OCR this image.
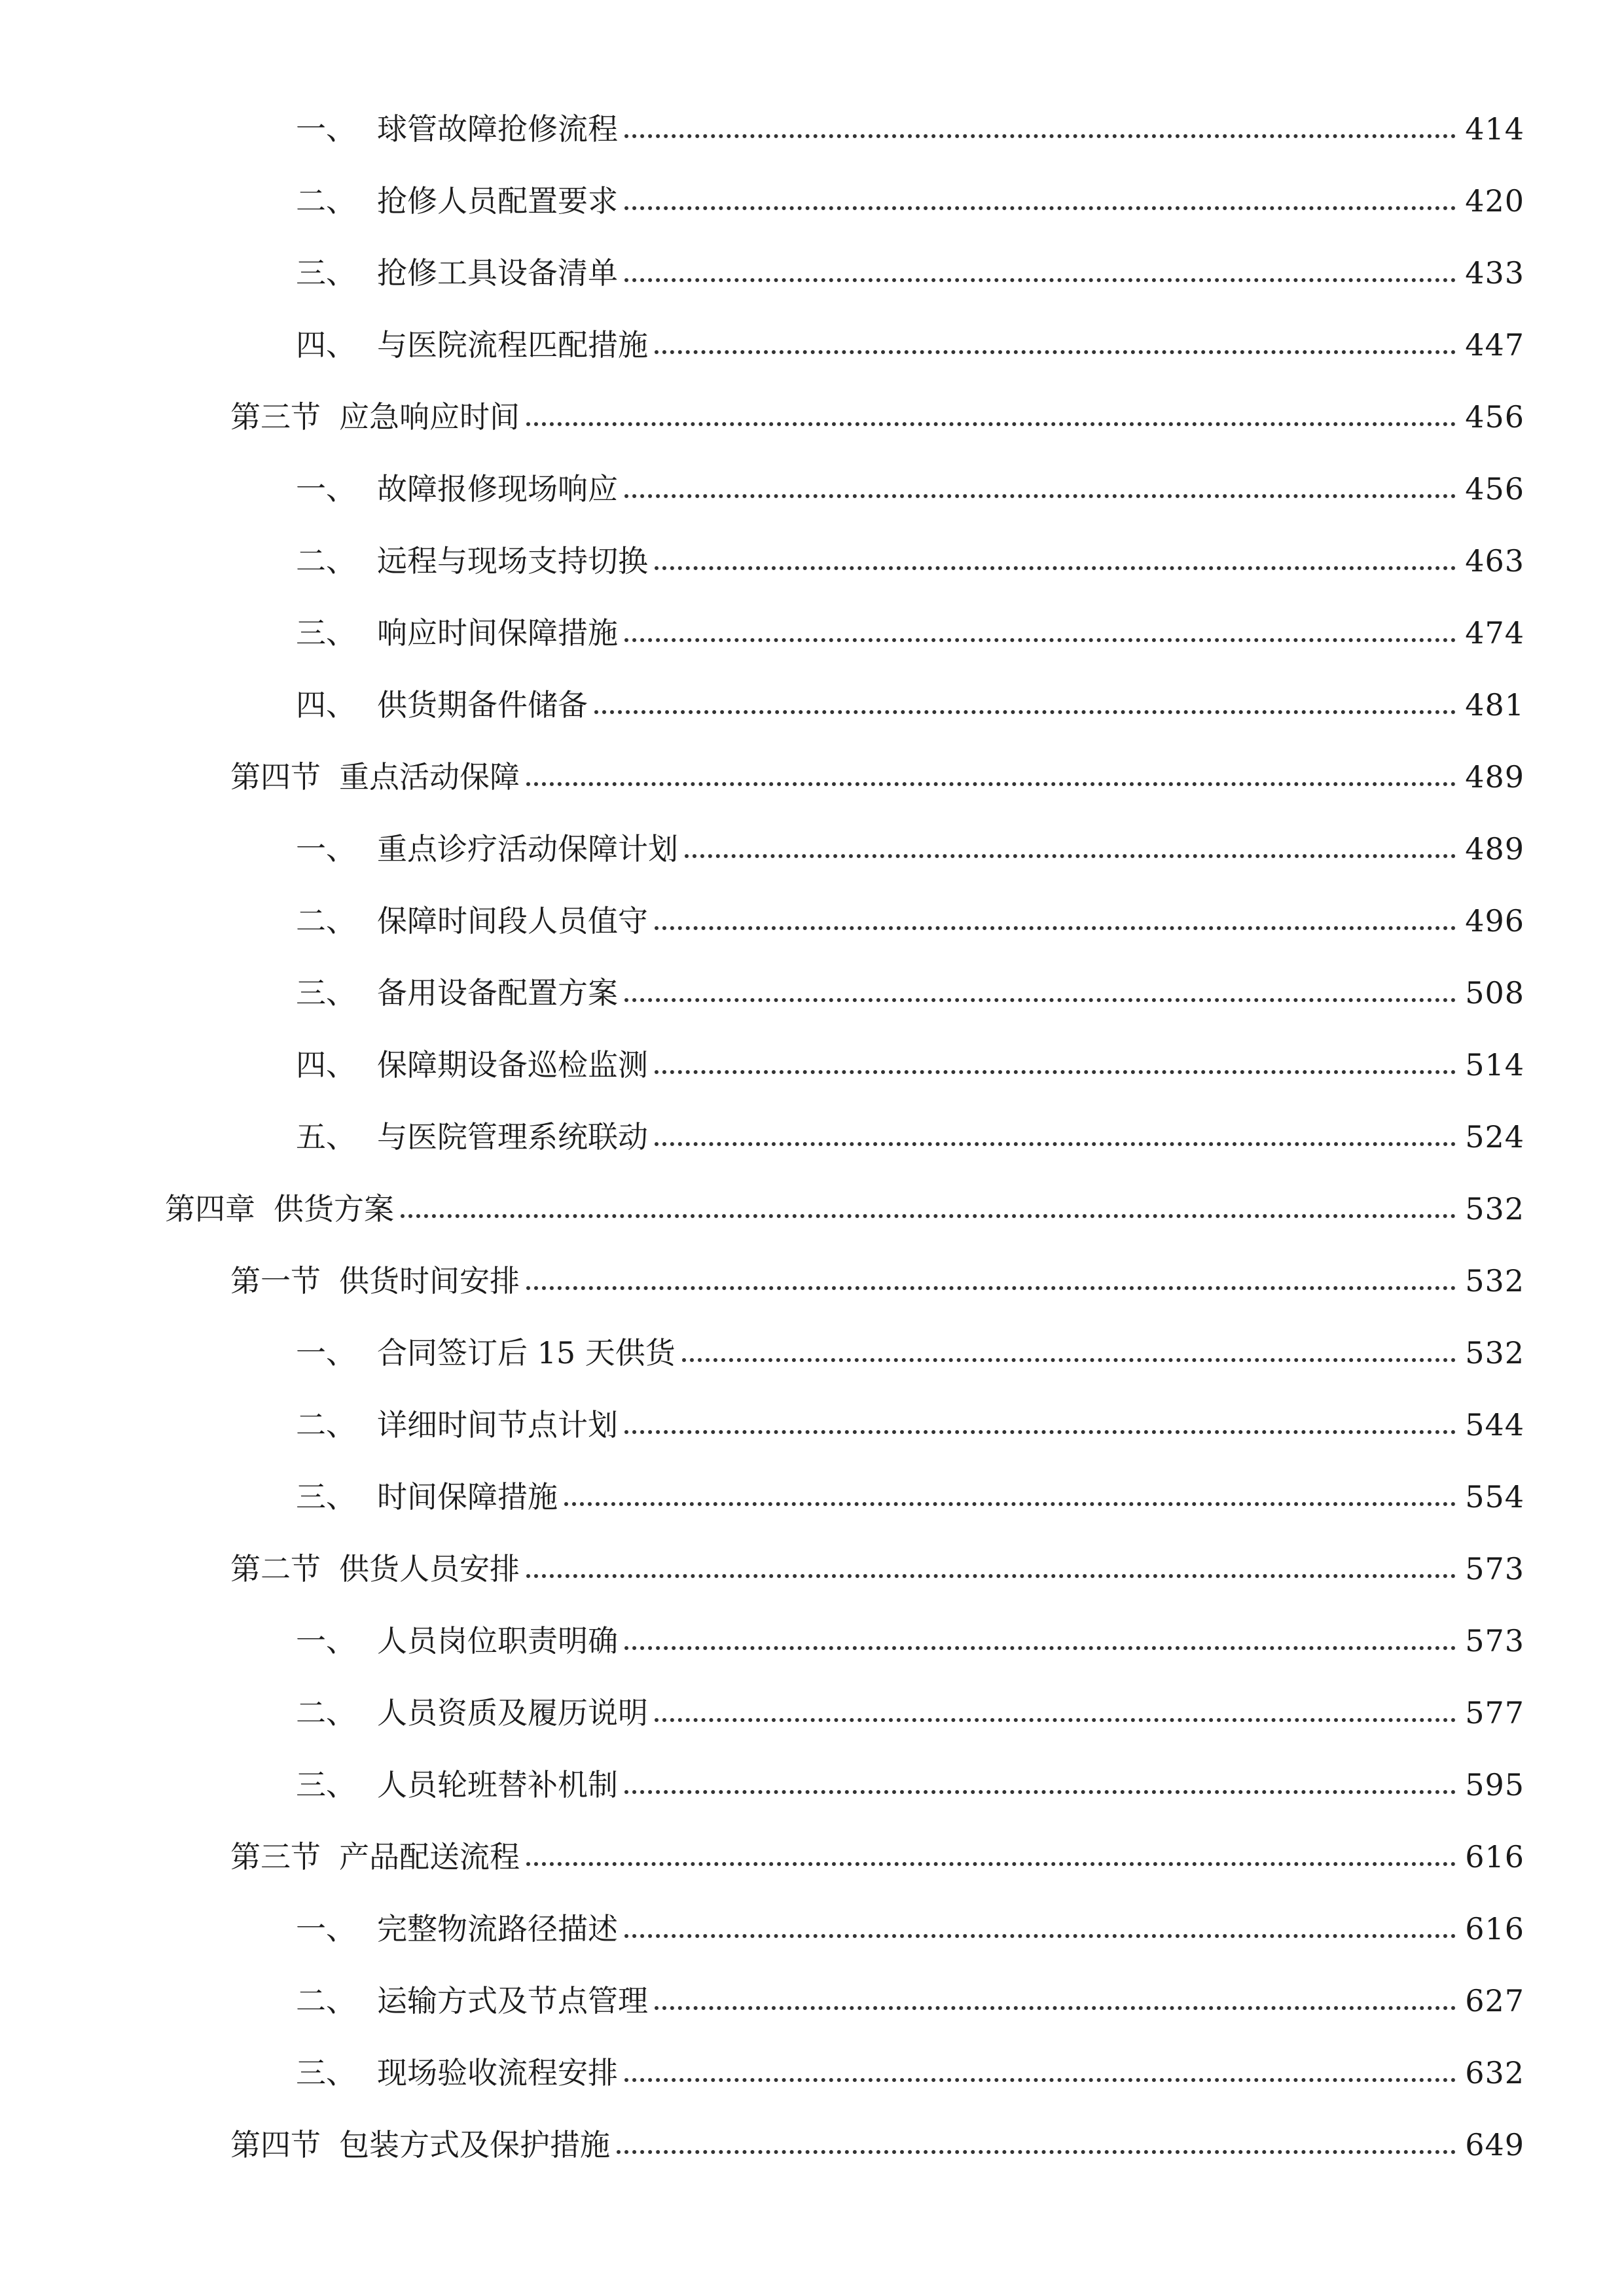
一、 球管故障抢修流程	414
二、 抢修人员配置要求	420
三、 抢修工具设备清单	433
四、 与医院流程匹配措施	447
第三节 应急响应时间	456
一、 故障报修现场响应	456
二、 远程与现场支持切换	463
三、 响应时间保障措施	474
四、 供货期备件储备	481
第四节 重点活动保障	489
一、 重点诊疗活动保障计划	489
二、 保障时间段人员值守	496
三、 备用设备配置方案	508
四、 保障期设备巡检监测	514
五、 与医院管理系统联动	524
第四章 供货方案	532
第一节 供货时间安排	532
一、 合同签订后 15 天供货	532
二、 详细时间节点计划	544
三、 时间保障措施	554
第二节 供货人员安排	573
一、 人员岗位职责明确	573
二、 人员资质及履历说明	577
三、 人员轮班替补机制	595
第三节 产品配送流程	616
一、 完整物流路径描述	616
二、 运输方式及节点管理	627
三、 现场验收流程安排	632
第四节 包装方式及保护措施	649
